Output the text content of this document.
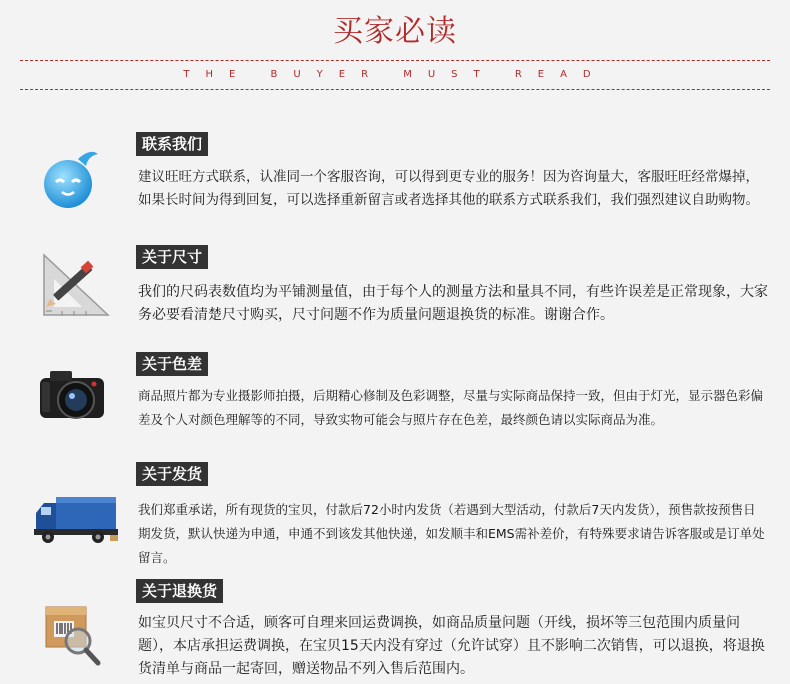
买家必读
THE BUYER MUST READ
联系我们

建议旺旺方式联系，认准同一个客服咨询，可以得到更专业的服务！因为咨询量大，客服旺旺经常爆掉，如果长时间为得到回复，可以选择重新留言或者选择其他的联系方式联系我们，我们强烈建议自助购物。

关于尺寸

我们的尺码表数值均为平铺测量值，由于每个人的测量方法和量具不同，有些许误差是正常现象，大家务必要看清楚尺寸购买，尺寸问题不作为质量问题退换货的标准。谢谢合作。

关于色差

商品照片都为专业摄影师拍摄，后期精心修制及色彩调整，尽量与实际商品保持一致，但由于灯光，显示器色彩偏差及个人对颜色理解等的不同，导致实物可能会与照片存在色差，最终颜色请以实际商品为准。

关于发货

我们郑重承诺，所有现货的宝贝，付款后72小时内发货（若遇到大型活动，付款后7天内发货），预售款按预售日期发货，默认快递为申通，申通不到该发其他快递，如发顺丰和EMS需补差价，有特殊要求请告诉客服或是订单处留言。

关于退换货

如宝贝尺寸不合适，顾客可自理来回运费调换，如商品质量问题（开线，损坏等三包范围内质量问题），本店承担运费调换，在宝贝15天内没有穿过（允许试穿）且不影响二次销售，可以退换，将退换货清单与商品一起寄回，赠送物品不列入售后范围内。
